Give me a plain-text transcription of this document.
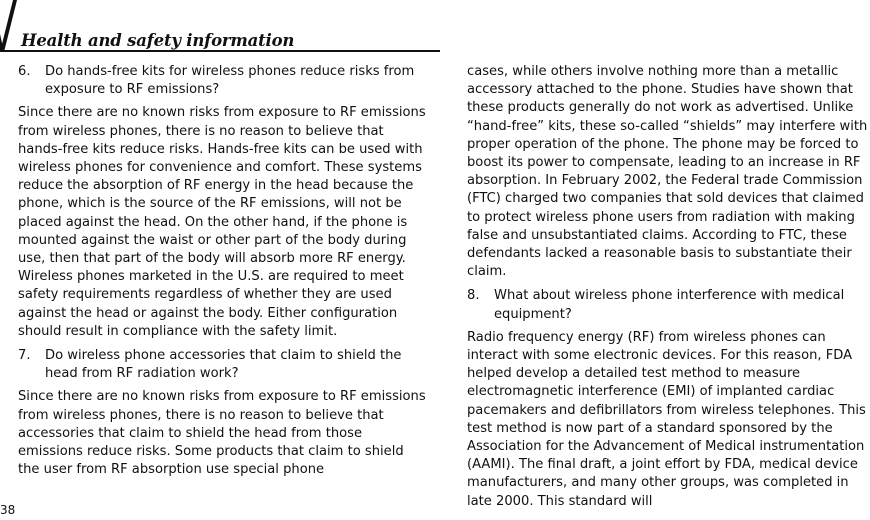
Health and safety information
6.	Do hands-free kits for wireless phones reduce risks from exposure to RF emissions?

Since there are no known risks from exposure to RF emissions from wireless phones, there is no reason to believe that hands-free kits reduce risks. Hands-free kits can be used with wireless phones for convenience and comfort. These systems reduce the absorption of RF energy in the head because the phone, which is the source of the RF emissions, will not be placed against the head. On the other hand, if the phone is mounted against the waist or other part of the body during use, then that part of the body will absorb more RF energy. Wireless phones marketed in the U.S. are required to meet safety requirements regardless of whether they are used against the head or against the body. Either configuration should result in compliance with the safety limit.

7.	Do wireless phone accessories that claim to shield the head from RF radiation work?

Since there are no known risks from exposure to RF emissions from wireless phones, there is no reason to believe that accessories that claim to shield the head from those emissions reduce risks. Some products that claim to shield the user from RF absorption use special phone

cases, while others involve nothing more than a metallic accessory attached to the phone. Studies have shown that these products generally do not work as advertised. Unlike “hand-free” kits, these so-called “shields” may interfere with proper operation of the phone. The phone may be forced to boost its power to compensate, leading to an increase in RF absorption. In February 2002, the Federal trade Commission (FTC) charged two companies that sold devices that claimed to protect wireless phone users from radiation with making false and unsubstantiated claims. According to FTC, these defendants lacked a reasonable basis to substantiate their claim.

8.	What about wireless phone interference with medical equipment?

Radio frequency energy (RF) from wireless phones can interact with some electronic devices. For this reason, FDA helped develop a detailed test method to measure electromagnetic interference (EMI) of implanted cardiac pacemakers and defibrillators from wireless telephones. This test method is now part of a standard sponsored by the Association for the Advancement of Medical instrumentation (AAMI). The final draft, a joint effort by FDA, medical device manufacturers, and many other groups, was completed in late 2000. This standard will

38
